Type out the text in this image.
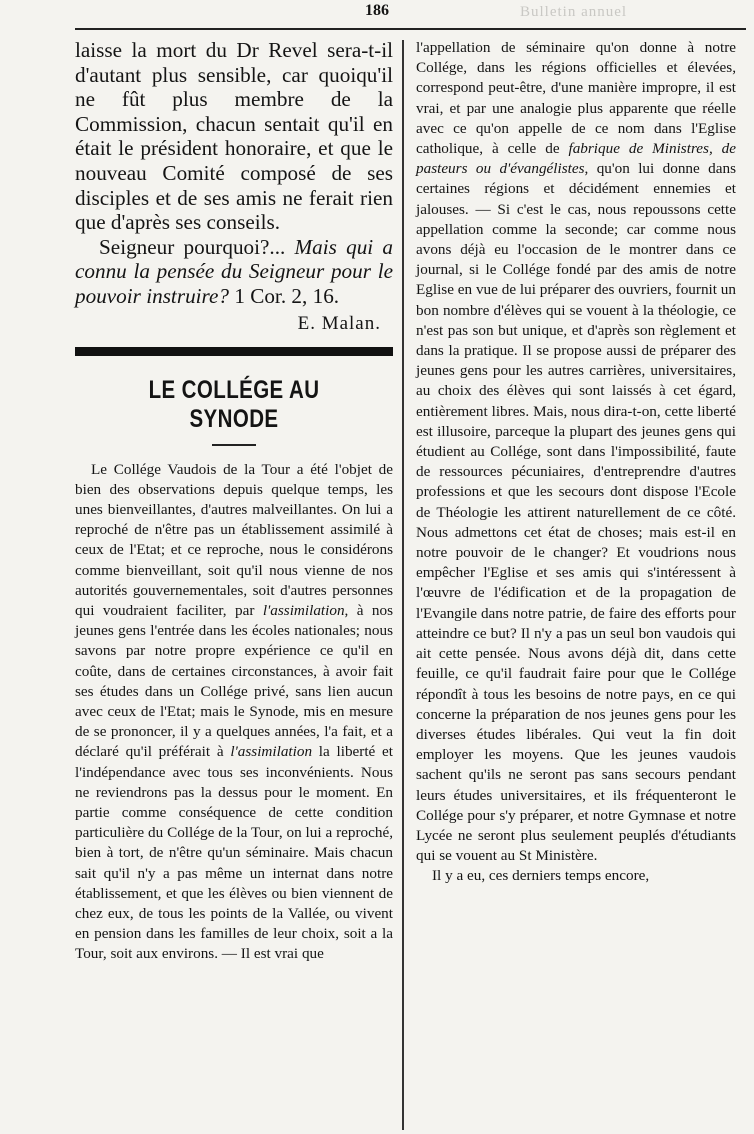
186	Bulletin annuel

laisse la mort du Dr Revel sera-t-il d'autant plus sensible, car quoiqu'il ne fût plus membre de la Commission, chacun sentait qu'il en était le président honoraire, et que le nouveau Comité composé de ses disciples et de ses amis ne ferait rien que d'après ses conseils.

Seigneur pourquoi?... Mais qui a connu la pensée du Seigneur pour le pouvoir instruire? 1 Cor. 2, 16.

E. Malan.

LE COLLÉGE AU SYNODE

Le Collége Vaudois de la Tour a été l'objet de bien des observations depuis quelque temps, les unes bienveillantes, d'autres malveillantes. On lui a reproché de n'être pas un établissement assimilé à ceux de l'Etat; et ce reproche, nous le considérons comme bienveillant, soit qu'il nous vienne de nos autorités gouvernementales, soit d'autres personnes qui voudraient faciliter, par l'assimilation, à nos jeunes gens l'entrée dans les écoles nationales; nous savons par notre propre expérience ce qu'il en coûte, dans de certaines circonstances, à avoir fait ses études dans un Collége privé, sans lien aucun avec ceux de l'Etat; mais le Synode, mis en mesure de se prononcer, il y a quelques années, l'a fait, et a déclaré qu'il préférait à l'assimilation la liberté et l'indépendance avec tous ses inconvénients. Nous ne reviendrons pas la dessus pour le moment. En partie comme conséquence de cette condition particulière du Collége de la Tour, on lui a reproché, bien à tort, de n'être qu'un séminaire. Mais chacun sait qu'il n'y a pas même un internat dans notre établissement, et que les élèves ou bien viennent de chez eux, de tous les points de la Vallée, ou vivent en pension dans les familles de leur choix, soit a la Tour, soit aux environs. — Il est vrai que

l'appellation de séminaire qu'on donne à notre Collége, dans les régions officielles et élevées, correspond peut-être, d'une manière impropre, il est vrai, et par une analogie plus apparente que réelle avec ce qu'on appelle de ce nom dans l'Eglise catholique, à celle de fabrique de Ministres, de pasteurs ou d'évangélistes, qu'on lui donne dans certaines régions et décidément ennemies et jalouses. — Si c'est le cas, nous repoussons cette appellation comme la seconde; car comme nous avons déjà eu l'occasion de le montrer dans ce journal, si le Collége fondé par des amis de notre Eglise en vue de lui préparer des ouvriers, fournit un bon nombre d'élèves qui se vouent à la théologie, ce n'est pas son but unique, et d'après son règlement et dans la pratique. Il se propose aussi de préparer des jeunes gens pour les autres carrières, universitaires, au choix des élèves qui sont laissés à cet égard, entièrement libres. Mais, nous dira-t-on, cette liberté est illusoire, parceque la plupart des jeunes gens qui étudient au Collége, sont dans l'impossibilité, faute de ressources pécuniaires, d'entreprendre d'autres professions et que les secours dont dispose l'Ecole de Théologie les attirent naturellement de ce côté. Nous admettons cet état de choses; mais est-il en notre pouvoir de le changer? Et voudrions nous empêcher l'Eglise et ses amis qui s'intéressent à l'œuvre de l'édification et de la propagation de l'Evangile dans notre patrie, de faire des efforts pour atteindre ce but? Il n'y a pas un seul bon vaudois qui ait cette pensée. Nous avons déjà dit, dans cette feuille, ce qu'il faudrait faire pour que le Collége répondît à tous les besoins de notre pays, en ce qui concerne la préparation de nos jeunes gens pour les diverses études libérales. Qui veut la fin doit employer les moyens. Que les jeunes vaudois sachent qu'ils ne seront pas sans secours pendant leurs études universitaires, et ils fréquenteront le Collége pour s'y préparer, et notre Gymnase et notre Lycée ne seront plus seulement peuplés d'étudiants qui se vouent au St Ministère.

Il y a eu, ces derniers temps encore,
